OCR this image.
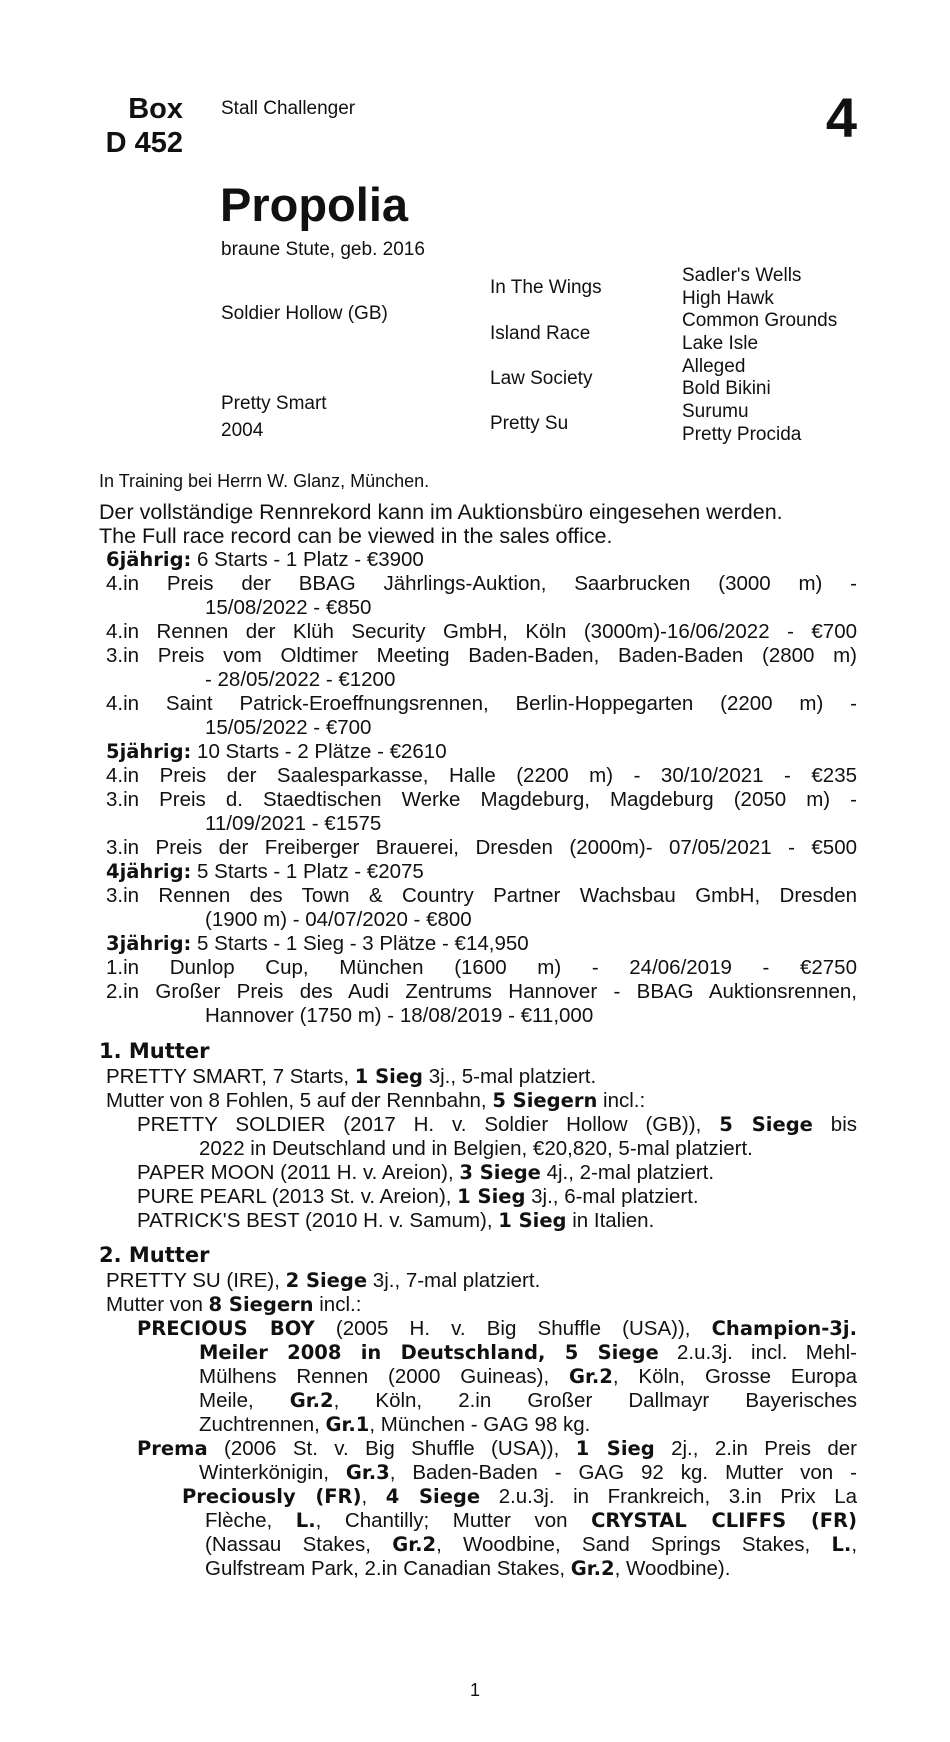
Box
D 452
Stall Challenger	4
Propolia
braune Stute, geb. 2016
Soldier Hollow (GB)
Pretty Smart
2004
In The Wings
Island Race
Law Society
Pretty Su
Sadler's Wells
High Hawk
Common Grounds
Lake Isle
Alleged
Bold Bikini
Surumu
Pretty Procida
In Training bei Herrn W. Glanz, München.
Der vollständige Rennrekord kann im Auktionsbüro eingesehen werden.
The Full race record can be viewed in the sales office.
6jährig: 6 Starts - 1 Platz - €3900
4.in Preis der BBAG Jährlings-Auktion, Saarbrucken (3000 m) -
15/08/2022 - €850
4.in Rennen der Klüh Security GmbH, Köln (3000m)-16/06/2022 - €700
3.in Preis vom Oldtimer Meeting Baden-Baden, Baden-Baden (2800 m)
- 28/05/2022 - €1200
4.in Saint Patrick-Eroeffnungsrennen, Berlin-Hoppegarten (2200 m) -
15/05/2022 - €700
5jährig: 10 Starts - 2 Plätze - €2610
4.in Preis der Saalesparkasse, Halle (2200 m) - 30/10/2021 - €235
3.in Preis d. Staedtischen Werke Magdeburg, Magdeburg (2050 m) -
11/09/2021 - €1575
3.in Preis der Freiberger Brauerei, Dresden (2000m)- 07/05/2021 - €500
4jährig: 5 Starts - 1 Platz - €2075
3.in Rennen des Town & Country Partner Wachsbau GmbH, Dresden
(1900 m) - 04/07/2020 - €800
3jährig: 5 Starts - 1 Sieg - 3 Plätze - €14,950
1.in Dunlop Cup, München (1600 m) - 24/06/2019 - €2750
2.in Großer Preis des Audi Zentrums Hannover - BBAG Auktionsrennen,
Hannover (1750 m) - 18/08/2019 - €11,000
1. Mutter
PRETTY SMART, 7 Starts, 1 Sieg 3j., 5-mal platziert.
Mutter von 8 Fohlen, 5 auf der Rennbahn, 5 Siegern incl.:
PRETTY SOLDIER (2017 H. v. Soldier Hollow (GB)), 5 Siege bis
2022 in Deutschland und in Belgien, €20,820, 5-mal platziert.
PAPER MOON (2011 H. v. Areion), 3 Siege 4j., 2-mal platziert.
PURE PEARL (2013 St. v. Areion), 1 Sieg 3j., 6-mal platziert.
PATRICK'S BEST (2010 H. v. Samum), 1 Sieg in Italien.
2. Mutter
PRETTY SU (IRE), 2 Siege 3j., 7-mal platziert.
Mutter von 8 Siegern incl.:
PRECIOUS BOY (2005 H. v. Big Shuffle (USA)), Champion-3j.
Meiler 2008 in Deutschland, 5 Siege 2.u.3j. incl. Mehl-
Mülhens Rennen (2000 Guineas), Gr.2, Köln, Grosse Europa
Meile, Gr.2, Köln, 2.in Großer Dallmayr Bayerisches
Zuchtrennen, Gr.1, München - GAG 98 kg.
Prema (2006 St. v. Big Shuffle (USA)), 1 Sieg 2j., 2.in Preis der
Winterkönigin, Gr.3, Baden-Baden - GAG 92 kg. Mutter von -
Preciously (FR), 4 Siege 2.u.3j. in Frankreich, 3.in Prix La
Flèche, L., Chantilly; Mutter von CRYSTAL CLIFFS (FR)
(Nassau Stakes, Gr.2, Woodbine, Sand Springs Stakes, L.,
Gulfstream Park, 2.in Canadian Stakes, Gr.2, Woodbine).
1
